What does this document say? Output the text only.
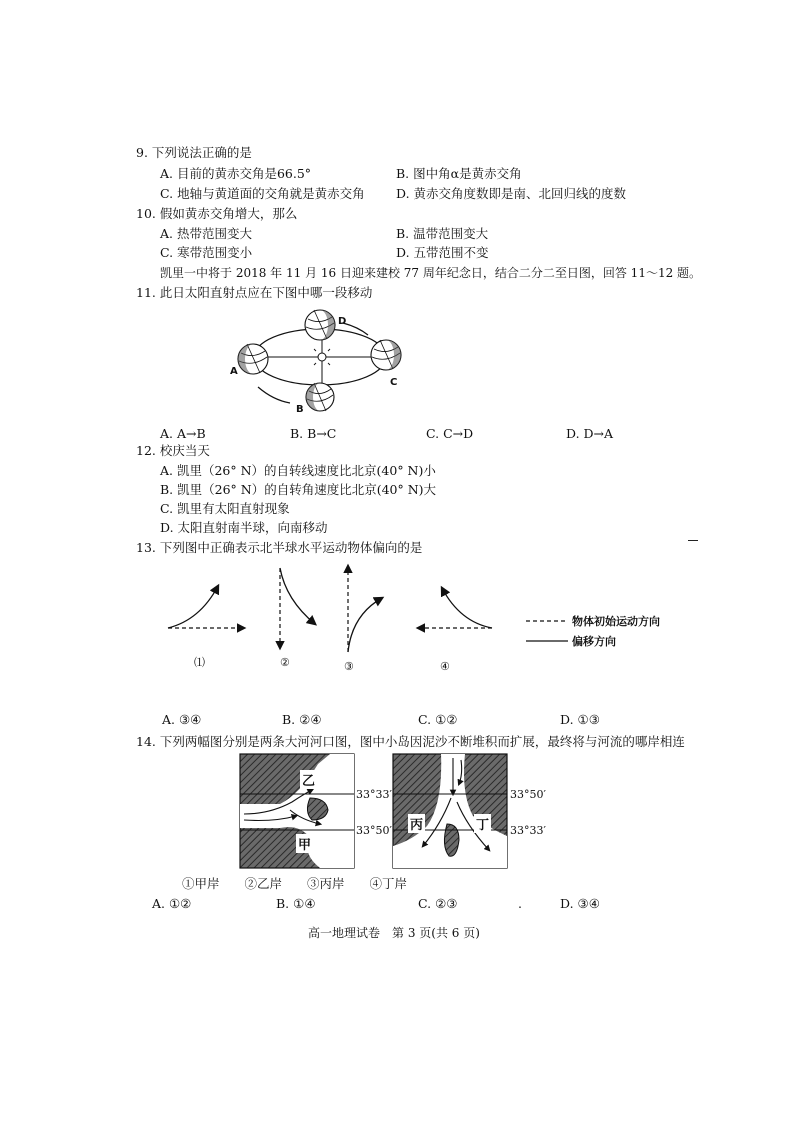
9. 下列说法正确的是
A. 目前的黄赤交角是66.5°	B. 图中角α是黄赤交角
C. 地轴与黄道面的交角就是黄赤交角	D. 黄赤交角度数即是南、北回归线的度数
10. 假如黄赤交角增大，那么
A. 热带范围变大	B. 温带范围变大
C. 寒带范围变小	D. 五带范围不变
凯里一中将于 2018 年 11 月 16 日迎来建校 77 周年纪念日，结合二分二至日图，回答 11～12 题。
11. 此日太阳直射点应在下图中哪一段移动
A
B
C
D
A. A→B	B. B→C	C. C→D	D. D→A
12. 校庆当天
A. 凯里（26° N）的自转线速度比北京(40° N)小
B. 凯里（26° N）的自转角速度比北京(40° N)大
C. 凯里有太阳直射现象
D. 太阳直射南半球，向南移动
13. 下列图中正确表示北半球水平运动物体偏向的是
⑴	②	③	④
物体初始运动方向
偏移方向
A. ③④	B. ②④	C. ①②	D. ①③
14. 下列两幅图分别是两条大河河口图，图中小岛因泥沙不断堆积而扩展，最终将与河流的哪岸相连
乙
甲
33°33′
33°50′ 丙	丁
33°50′
33°33′
①甲岸　　②乙岸　　③丙岸　　④丁岸
A. ①②	B. ①④	C. ②③	.	D. ③④
高一地理试卷　第 3 页(共 6 页)
